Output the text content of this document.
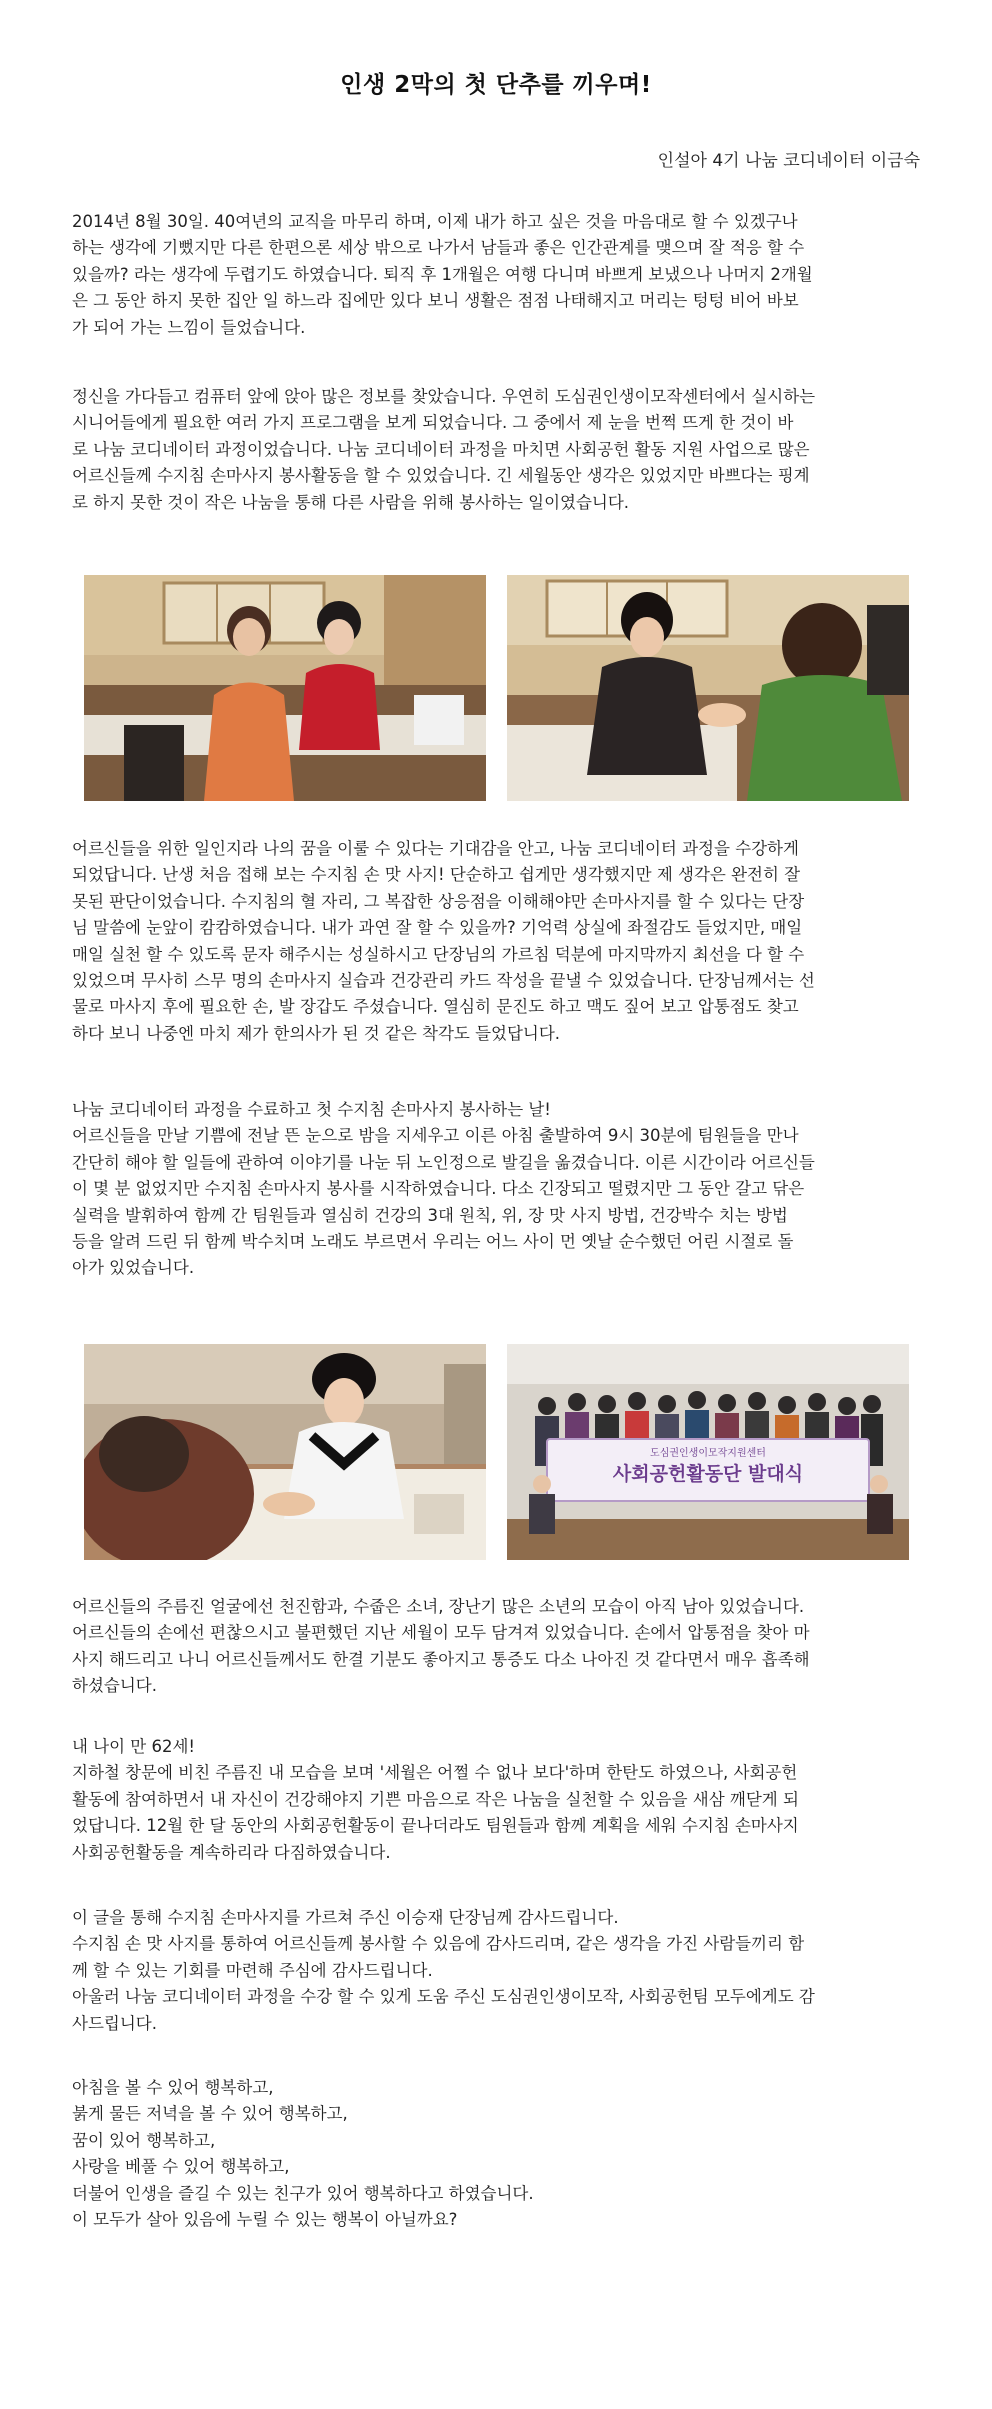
인생 2막의 첫 단추를 끼우며!
인설아 4기 나눔 코디네이터 이금숙

2014년 8월 30일. 40여년의 교직을 마무리 하며, 이제 내가 하고 싶은 것을 마음대로 할 수 있겠구나
하는 생각에 기뻤지만 다른 한편으론 세상 밖으로 나가서 남들과 좋은 인간관계를 맺으며 잘 적응 할 수
있을까? 라는 생각에 두렵기도 하였습니다. 퇴직 후 1개월은 여행 다니며 바쁘게 보냈으나 나머지 2개월
은 그 동안 하지 못한 집안 일 하느라 집에만 있다 보니 생활은 점점 나태해지고 머리는 텅텅 비어 바보
가 되어 가는 느낌이 들었습니다.

정신을 가다듬고 컴퓨터 앞에 앉아 많은 정보를 찾았습니다. 우연히 도심권인생이모작센터에서 실시하는
시니어들에게 필요한 여러 가지 프로그램을 보게 되었습니다. 그 중에서 제 눈을 번쩍 뜨게 한 것이 바
로 나눔 코디네이터 과정이었습니다. 나눔 코디네이터 과정을 마치면 사회공헌 활동 지원 사업으로 많은
어르신들께 수지침 손마사지 봉사활동을 할 수 있었습니다. 긴 세월동안 생각은 있었지만 바쁘다는 핑계
로 하지 못한 것이 작은 나눔을 통해 다른 사람을 위해 봉사하는 일이였습니다.

어르신들을 위한 일인지라 나의 꿈을 이룰 수 있다는 기대감을 안고, 나눔 코디네이터 과정을 수강하게
되었답니다. 난생 처음 접해 보는 수지침 손 맛 사지! 단순하고 쉽게만 생각했지만 제 생각은 완전히 잘
못된 판단이었습니다. 수지침의 혈 자리, 그 복잡한 상응점을 이해해야만 손마사지를 할 수 있다는 단장
님 말씀에 눈앞이 캄캄하였습니다. 내가 과연 잘 할 수 있을까? 기억력 상실에 좌절감도 들었지만, 매일
매일 실천 할 수 있도록 문자 해주시는 성실하시고 단장님의 가르침 덕분에 마지막까지 최선을 다 할 수
있었으며 무사히 스무 명의 손마사지 실습과 건강관리 카드 작성을 끝낼 수 있었습니다. 단장님께서는 선
물로 마사지 후에 필요한 손, 발 장갑도 주셨습니다. 열심히 문진도 하고 맥도 짚어 보고 압통점도 찾고
하다 보니 나중엔 마치 제가 한의사가 된 것 같은 착각도 들었답니다.

나눔 코디네이터 과정을 수료하고 첫 수지침 손마사지 봉사하는 날!
어르신들을 만날 기쁨에 전날 뜬 눈으로 밤을 지세우고 이른 아침 출발하여 9시 30분에 팀원들을 만나
간단히 해야 할 일들에 관하여 이야기를 나눈 뒤 노인정으로 발길을 옮겼습니다. 이른 시간이라 어르신들
이 몇 분 없었지만 수지침 손마사지 봉사를 시작하였습니다. 다소 긴장되고 떨렸지만 그 동안 갈고 닦은
실력을 발휘하여 함께 간 팀원들과 열심히 건강의 3대 원칙, 위, 장 맛 사지 방법, 건강박수 치는 방법
등을 알려 드린 뒤 함께 박수치며 노래도 부르면서 우리는 어느 사이 먼 옛날 순수했던 어린 시절로 돌
아가 있었습니다.

도심권인생이모작지원센터
사회공헌활동단 발대식

어르신들의 주름진 얼굴에선 천진함과, 수줍은 소녀, 장난기 많은 소년의 모습이 아직 남아 있었습니다.
어르신들의 손에선 편찮으시고 불편했던 지난 세월이 모두 담겨져 있었습니다. 손에서 압통점을 찾아 마
사지 해드리고 나니 어르신들께서도 한결 기분도 좋아지고 통증도 다소 나아진 것 같다면서 매우 흡족해
하셨습니다.

내 나이 만 62세!
지하철 창문에 비친 주름진 내 모습을 보며 '세월은 어쩔 수 없나 보다'하며 한탄도 하였으나, 사회공헌
활동에 참여하면서 내 자신이 건강해야지 기쁜 마음으로 작은 나눔을 실천할 수 있음을 새삼 깨닫게 되
었답니다. 12월 한 달 동안의 사회공헌활동이 끝나더라도 팀원들과 함께 계획을 세워 수지침 손마사지
사회공헌활동을 계속하리라 다짐하였습니다.

이 글을 통해 수지침 손마사지를 가르쳐 주신 이승재 단장님께 감사드립니다.
수지침 손 맛 사지를 통하여 어르신들께 봉사할 수 있음에 감사드리며, 같은 생각을 가진 사람들끼리 함
께 할 수 있는 기회를 마련해 주심에 감사드립니다.
아울러 나눔 코디네이터 과정을 수강 할 수 있게 도움 주신 도심권인생이모작, 사회공헌팀 모두에게도 감
사드립니다.

아침을 볼 수 있어 행복하고,
붉게 물든 저녁을 볼 수 있어 행복하고,
꿈이 있어 행복하고,
사랑을 베풀 수 있어 행복하고,
더불어 인생을 즐길 수 있는 친구가 있어 행복하다고 하였습니다.
이 모두가 살아 있음에 누릴 수 있는 행복이 아닐까요?
